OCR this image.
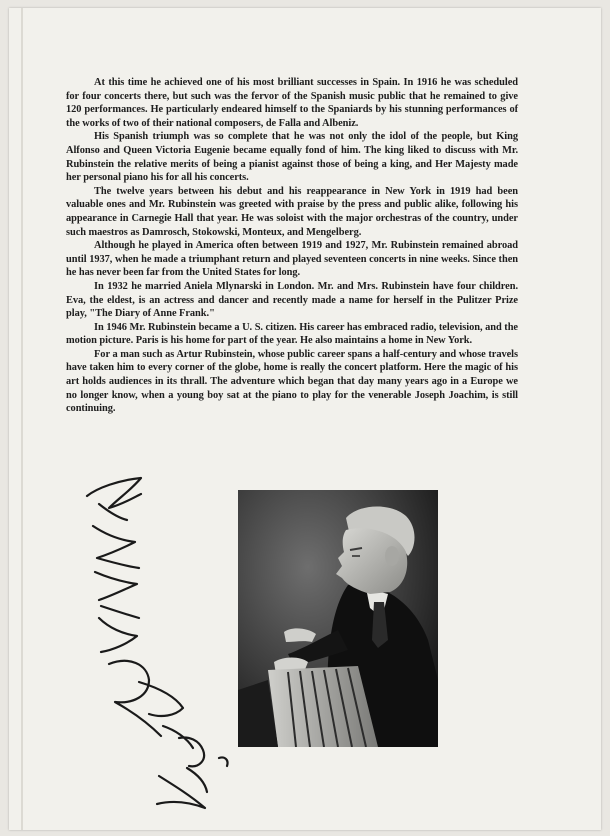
At this time he achieved one of his most brilliant successes in Spain. In 1916 he was scheduled for four concerts there, but such was the fervor of the Spanish music public that he remained to give 120 performances. He particularly endeared himself to the Spaniards by his stunning performances of the works of two of their national composers, de Falla and Albeniz.

His Spanish triumph was so complete that he was not only the idol of the people, but King Alfonso and Queen Victoria Eugenie became equally fond of him. The king liked to discuss with Mr. Rubinstein the relative merits of being a pianist against those of being a king, and Her Majesty made her personal piano his for all his concerts.

The twelve years between his debut and his reappearance in New York in 1919 had been valuable ones and Mr. Rubinstein was greeted with praise by the press and public alike, following his appearance in Carnegie Hall that year. He was soloist with the major orchestras of the country, under such maestros as Damrosch, Stokowski, Monteux, and Mengelberg.

Although he played in America often between 1919 and 1927, Mr. Rubinstein remained abroad until 1937, when he made a triumphant return and played seventeen concerts in nine weeks. Since then he has never been far from the United States for long.

In 1932 he married Aniela Mlynarski in London. Mr. and Mrs. Rubinstein have four children. Eva, the eldest, is an actress and dancer and recently made a name for herself in the Pulitzer Prize play, "The Diary of Anne Frank."

In 1946 Mr. Rubinstein became a U. S. citizen. His career has embraced radio, television, and the motion picture. Paris is his home for part of the year. He also maintains a home in New York.

For a man such as Artur Rubinstein, whose public career spans a half-century and whose travels have taken him to every corner of the globe, home is really the concert platform. Here the magic of his art holds audiences in its thrall. The adventure which began that day many years ago in a Europe we no longer know, when a young boy sat at the piano to play for the venerable Joseph Joachim, is still continuing.
